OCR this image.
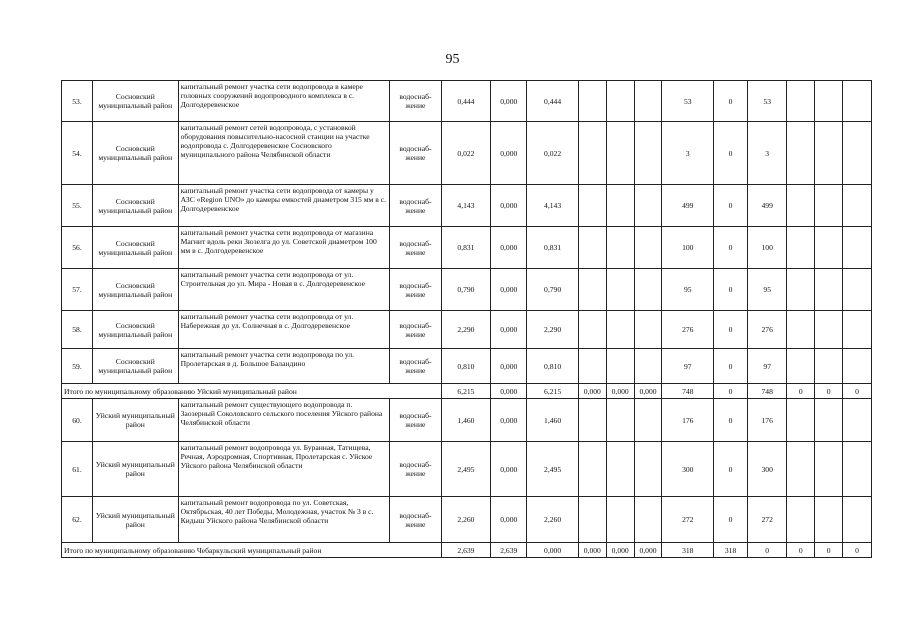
95
53.	Сосновский муниципальный район	капитальный ремонт участка сети водопровода в камере головных сооружений водопроводного комплекса в с. Долгодеревенское	водоснаб-жение	0,444	0,000	0,444				53	0	53			
54.	Сосновский муниципальный район	капитальный ремонт сетей водопровода, с установкой оборудования повысительно-насосной станции на участке водопровода с. Долгодеревенское Сосновского муниципального района Челябинской области	водоснаб-жение	0,022	0,000	0,022				3	0	3			
55.	Сосновский муниципальный район	капитальный ремонт участка сети водопровода от камеры у АЗС «Region UNO» до камеры емкостей диаметром 315 мм в с. Долгодеревенское	водоснаб-жение	4,143	0,000	4,143				499	0	499			
56.	Сосновский муниципальный район	капитальный ремонт участка сети водопровода от магазина Магнит вдоль реки Зюзелга до ул. Советской диаметром 100 мм в с. Долгодеревенское	водоснаб-жение	0,831	0,000	0,831				100	0	100			
57.	Сосновский муниципальный район	капитальный ремонт участка сети водопровода от ул. Строительная до ул. Мира - Новая в с. Долгодеревенское	водоснаб-жение	0,790	0,000	0,790				95	0	95			
58.	Сосновский муниципальный район	капитальный ремонт участка сети водопровода от ул. Набережная до ул. Солнечная в с. Долгодеревенское	водоснаб-жение	2,290	0,000	2,290				276	0	276			
59.	Сосновский муниципальный район	капитальный ремонт участка сети водопровода по ул. Пролетарская в д. Большое Баландино	водоснаб-жение	0,810	0,000	0,810				97	0	97			
Итого по муниципальному образованию Уйский муниципальный район				6,215	0,000	6,215	0,000	0,000	0,000	748	0	748	0	0	0
60.	Уйский муниципальный район	капитальный ремонт существующего водопровода п. Заозерный Соколовского сельского поселения Уйского района Челябинской области	водоснаб-жение	1,460	0,000	1,460				176	0	176			
61.	Уйский муниципальный район	капитальный ремонт водопровода ул. Буранная, Татищева, Речная, Аэродромная, Спортивная, Пролетарская с. Уйское Уйского района Челябинской области	водоснаб-жение	2,495	0,000	2,495				300	0	300			
62.	Уйский муниципальный район	капитальный ремонт водопровода по ул. Советская, Октябрьская, 40 лет Победы, Молодежная, участок № 3 в с. Кидыш Уйского района Челябинской области	водоснаб-жение	2,260	0,000	2,260				272	0	272			
Итого по муниципальному образованию Чебаркульский муниципальный район				2,639	2,639	0,000	0,000	0,000	0,000	318	318	0	0	0	0
